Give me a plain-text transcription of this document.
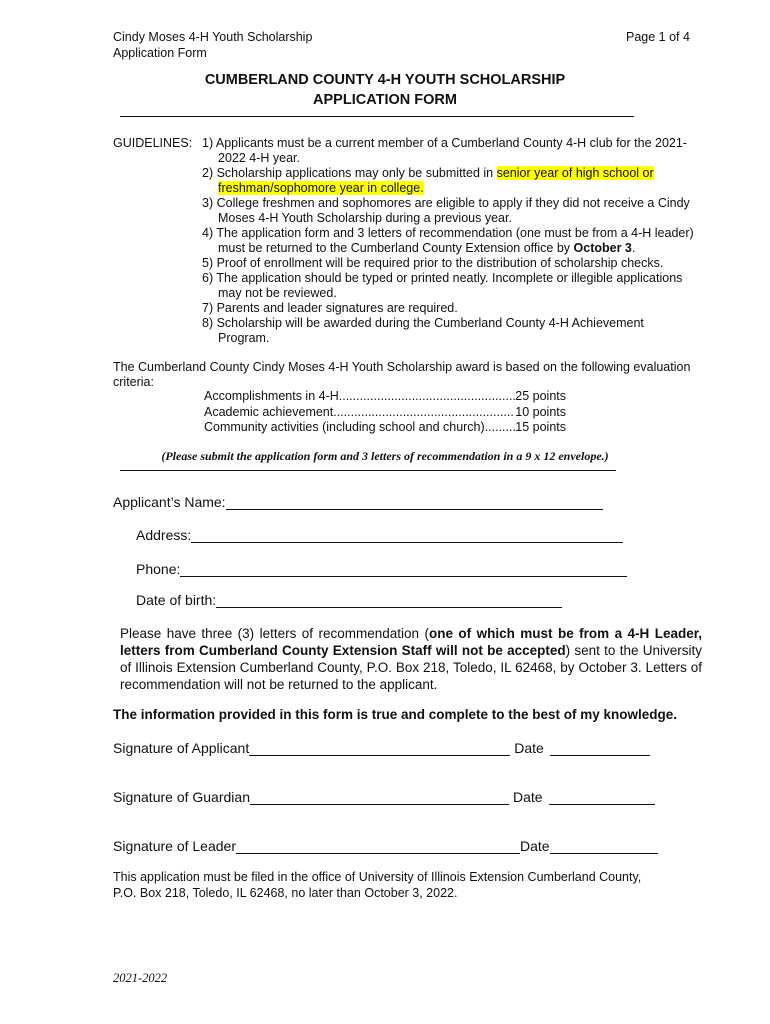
Cindy Moses 4-H Youth Scholarship
Application Form
Page 1 of 4
CUMBERLAND COUNTY 4-H YOUTH SCHOLARSHIP
APPLICATION FORM
GUIDELINES: 1) Applicants must be a current member of a Cumberland County 4-H club for the 2021-
2022 4-H year.
2) Scholarship applications may only be submitted in senior year of high school or
freshman/sophomore year in college.
3) College freshmen and sophomores are eligible to apply if they did not receive a Cindy
Moses 4-H Youth Scholarship during a previous year.
4) The application form and 3 letters of recommendation (one must be from a 4-H leader)
must be returned to the Cumberland County Extension office by October 3.
5) Proof of enrollment will be required prior to the distribution of scholarship checks.
6) The application should be typed or printed neatly. Incomplete or illegible applications
may not be reviewed.
7) Parents and leader signatures are required.
8) Scholarship will be awarded during the Cumberland County 4-H Achievement
Program.
The Cumberland County Cindy Moses 4-H Youth Scholarship award is based on the following evaluation
criteria:
Accomplishments in 4-H .....	25 points
Academic achievement .....	10 points
Community activities (including school and church) ..... 15 points
(Please submit the application form and 3 letters of recommendation in a 9 x 12 envelope.)
Applicant’s Name:
Address:
Phone:
Date of birth:
Please have three (3) letters of recommendation (one of which must be from a 4-H Leader, letters from Cumberland County Extension Staff will not be accepted) sent to the University of Illinois Extension Cumberland County, P.O. Box 218, Toledo, IL 62468, by October 3. Letters of recommendation will not be returned to the applicant.
The information provided in this form is true and complete to the best of my knowledge.
Signature of Applicant	Date
Signature of Guardian	Date
Signature of Leader	Date
This application must be filed in the office of University of Illinois Extension Cumberland County,
P.O. Box 218, Toledo, IL 62468, no later than October 3, 2022.
2021-2022
